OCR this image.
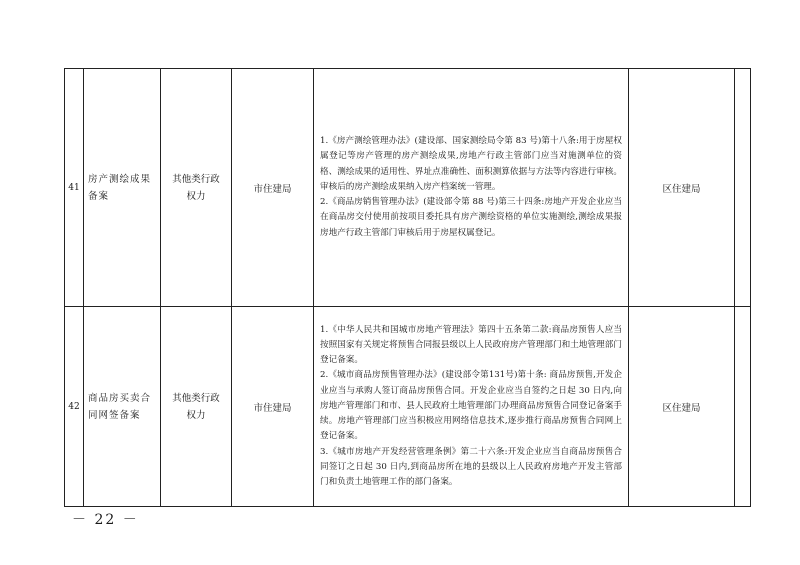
41	房产测绘成果备案	其他类行政权力	市住建局	1.《房产测绘管理办法》(建设部、国家测绘局令第 83 号)第十八条:用于房屋权属登记等房产管理的房产测绘成果,房地产行政主管部门应当对施测单位的资格、测绘成果的适用性、界址点准确性、面积测算依据与方法等内容进行审核。审核后的房产测绘成果纳入房产档案统一管理。

2.《商品房销售管理办法》(建设部令第 88 号)第三十四条:房地产开发企业应当在商品房交付使用前按项目委托具有房产测绘资格的单位实施测绘,测绘成果报房地产行政主管部门审核后用于房屋权属登记。	区住建局	
42	商品房买卖合同网签备案	其他类行政权力	市住建局	1.《中华人民共和国城市房地产管理法》第四十五条第二款:商品房预售人应当按照国家有关规定将预售合同报县级以上人民政府房产管理部门和土地管理部门登记备案。

2.《城市商品房预售管理办法》(建设部令第131号)第十条: 商品房预售,开发企业应当与承购人签订商品房预售合同。开发企业应当自签约之日起 30 日内,向房地产管理部门和市、县人民政府土地管理部门办理商品房预售合同登记备案手续。房地产管理部门应当积极应用网络信息技术,逐步推行商品房预售合同网上登记备案。

3.《城市房地产开发经营管理条例》第二十六条:开发企业应当自商品房预售合同签订之日起 30 日内,到商品房所在地的县级以上人民政府房地产开发主管部门和负责土地管理工作的部门备案。	区住建局	
－ 22 －
